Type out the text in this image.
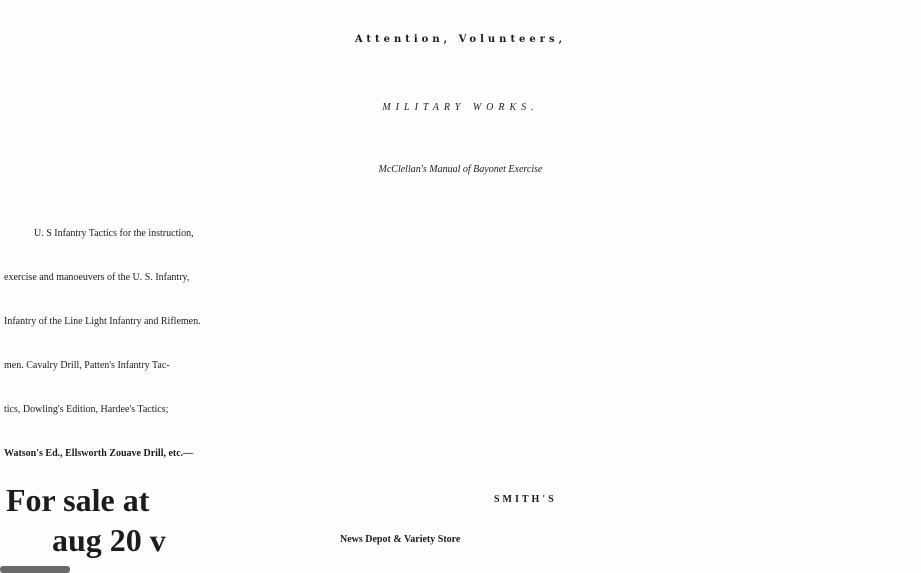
Attention, Volunteers,
MILITARY WORKS.
McClellan's Manual of Bayonet Exercise
U. S Infantry Tactics for the instruction,
exercise and manoeuvers of the U. S. Infantry,
Infantry of the Line Light Infantry and Riflemen.
men. Cavalry Drill, Patten's Infantry Tac-
tics, Dowling's Edition, Hardee's Tactics;
Watson's Ed., Ellsworth Zouave Drill, etc.—
For sale at
aug 20 v
SMITH'S
News Depot & Variety Store
